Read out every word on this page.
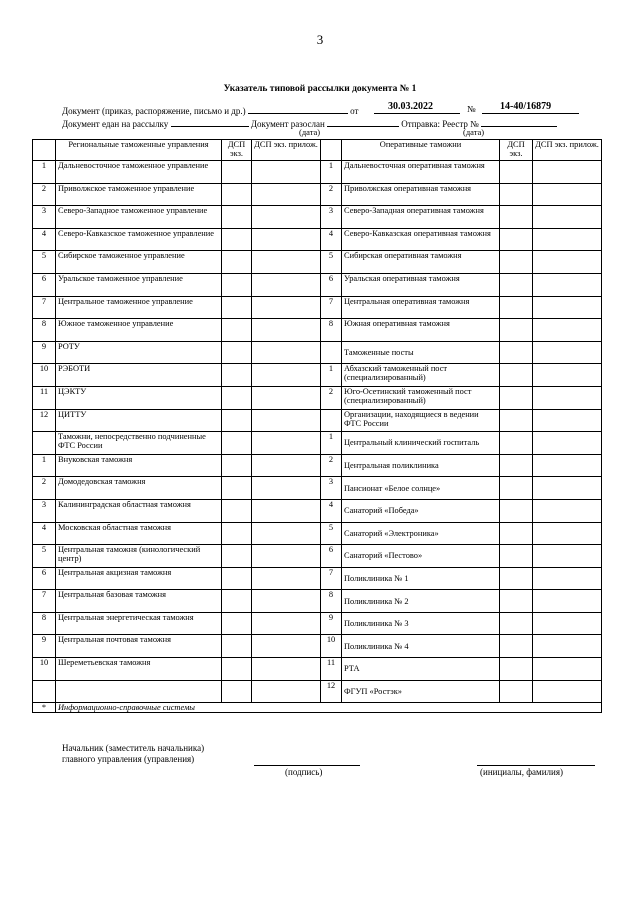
3
Указатель типовой рассылки документа № 1
Документ (приказ, распоряжение, письмо и др.)	от	30.03.2022	№ 14-40/16879
Документ едан на рассылку	Документ разослан	Отправка: Реестр №
(дата)	(дата)
	Региональные таможенные управления	ДСП экз.	ДСП экз. прилож.		Оперативные таможни	ДСП экз.	ДСП экз. прилож.
1	Дальневосточное таможенное управление			1	Дальневосточная оперативная таможня		
2	Приволжское таможенное управление			2	Приволжская оперативная таможня		
3	Северо-Западное таможенное управление			3	Северо-Западная оперативная таможня		
4	Северо-Кавказское таможенное управление			4	Северо-Кавказская оперативная таможня		
5	Сибирское таможенное управление			5	Сибирская оперативная таможня		
6	Уральское таможенное управление			6	Уральская оперативная таможня		
7	Центральное таможенное управление			7	Центральная оперативная таможня		
8	Южное таможенное управление			8	Южная оперативная таможня		
9	РОТУ				Таможенные посты		
10	РЭБОТИ			1	Абхазский таможенный пост (специализированный)		
11	ЦЭКТУ			2	Юго-Осетинский таможенный пост (специализированный)		
12	ЦИТТУ				Организации, находящиеся в ведении ФТС России		
	Таможни, непосредственно подчиненные ФТС России			1	Центральный клинический госпиталь		
1	Внуковская таможня			2	Центральная поликлиника		
2	Домодедовская таможня			3	Пансионат «Белое солнце»		
3	Калининградская областная таможня			4	Санаторий «Победа»		
4	Московская областная таможня			5	Санаторий «Электроника»		
5	Центральная таможня (кинологический центр)			6	Санаторий «Пестово»		
6	Центральная акцизная таможня			7	Поликлиника № 1		
7	Центральная базовая таможня			8	Поликлиника № 2		
8	Центральная энергетическая таможня			9	Поликлиника № 3		
9	Центральная почтовая таможня			10	Поликлиника № 4		
10	Шереметьевская таможня			11	РТА		
				12	ФГУП «Ростэк»		
*	Информационно-справочные системы						
Начальник (заместитель начальника)
главного управления (управления)
(подпись)	(инициалы, фамилия)
